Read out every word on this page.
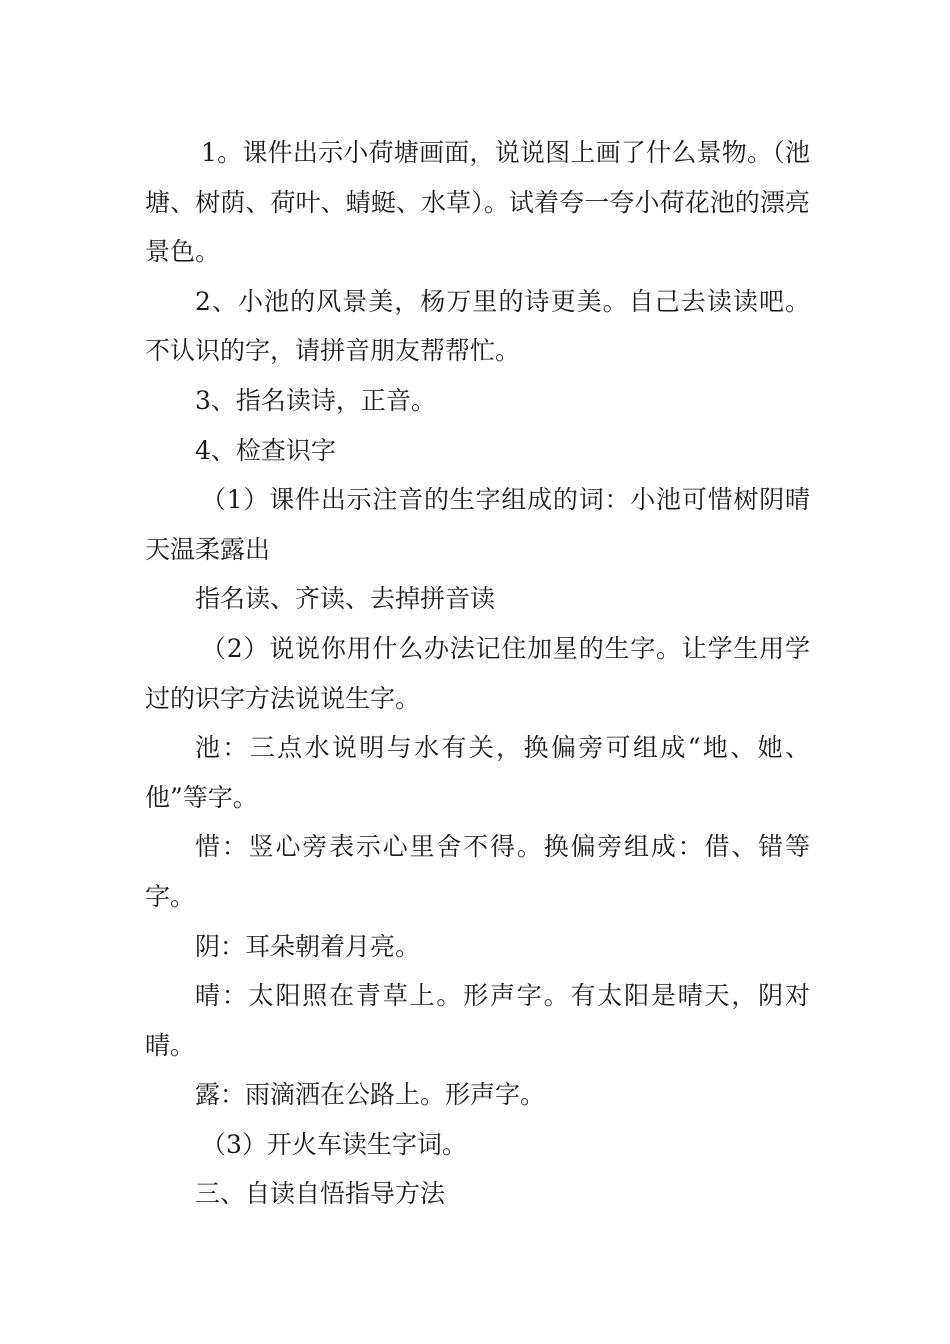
1。课件出示小荷塘画面，说说图上画了什么景物。（池塘、树荫、荷叶、蜻蜓、水草）。试着夸一夸小荷花池的漂亮景色。

2、小池的风景美，杨万里的诗更美。自己去读读吧。不认识的字，请拼音朋友帮帮忙。

3、指名读诗，正音。

4、检查识字

（1）课件出示注音的生字组成的词：小池可惜树阴晴天温柔露出

指名读、齐读、去掉拼音读

（2）说说你用什么办法记住加星的生字。让学生用学过的识字方法说说生字。

池：三点水说明与水有关，换偏旁可组成“地、她、他”等字。

惜：竖心旁表示心里舍不得。换偏旁组成：借、错等字。

阴：耳朵朝着月亮。

晴：太阳照在青草上。形声字。有太阳是晴天，阴对晴。

露：雨滴洒在公路上。形声字。

（3）开火车读生字词。

三、自读自悟指导方法
